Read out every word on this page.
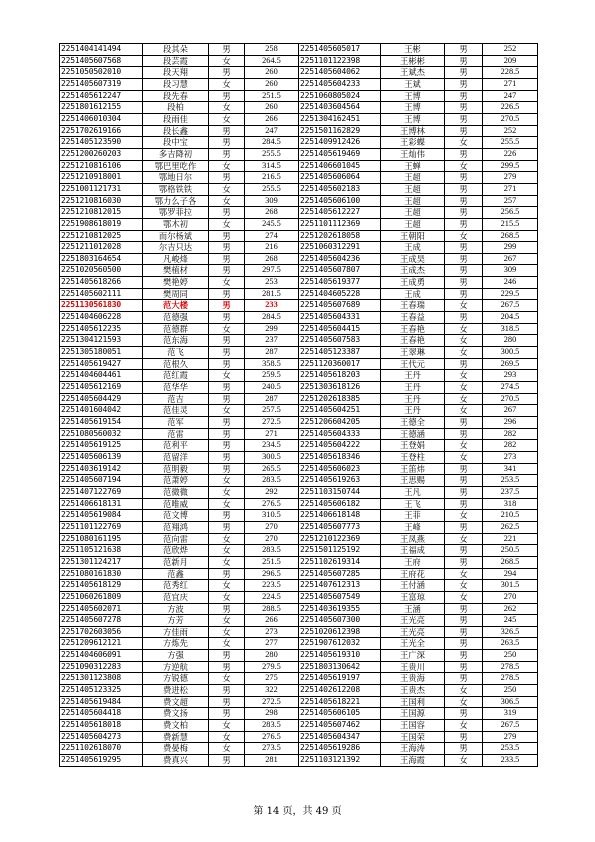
2251404141494	段其朵	男	258
2251405607568	段芸霞	女	264.5
2251050502010	段天翔	男	260
2251405607319	段习慧	女	260
2251405612247	段先春	男	251.5
2251801612155	段柏	女	260
2251406010304	段雨佳	女	266
2251702619166	段长鑫	男	247
2251405123590	段中宝	男	284.5
2251200260203	多吉降初	男	255.5
2251210816106	鄂巴里吃作	女	314.5
2251210918001	鄂地日尔	男	216.5
2251001121731	鄂格铁铁	女	255.5
2251210816030	鄂力么子各	女	309
2251210812015	鄂罗菲拉	男	268
2251908618019	鄂木初	女	245.5
2251210812025	而尔杨斌	男	274
2251211012028	尔吉只达	男	216
2251803164654	凡峻烽	男	268
2251020560500	樊植材	男	297.5
2251405618266	樊艳婷	女	253
2251405602111	樊周同	男	281.5
2251130561830	范大楼	男	233
2251404606228	范德强	男	284.5
2251405612235	范德群	女	299
2251304121593	范东海	男	237
2251305180051	范飞	男	287
2251405619427	范根久	男	358.5
2251404604461	范红霞	女	259.5
2251405612169	范华华	男	240.5
2251405604429	范吉	男	287
2251401604042	范佳灵	女	257.5
2251405619154	范军	男	272.5
2251080560032	范雷	男	271
2251405619125	范利平	男	234.5
2251405606139	范留洋	男	300.5
2251403619142	范明毅	男	265.5
2251405607194	范萧婷	女	283.5
2251407122769	范微微	女	292
2251406618131	范唯威	女	276.5
2251405619084	范文博	男	310.5
2251101122769	范翔鸿	男	270
2251080161195	范向雷	女	270
2251105121638	范欣烨	女	283.5
2251301124217	范新月	女	251.5
2251080161830	范鑫	男	296.5
2251405618129	范秀红	女	223.5
2251060261809	范宜庆	女	224.5
2251405602071	方波	男	288.5
2251405607278	方芳	女	266
2251702603056	方佳雨	女	273
2251209612121	方炼先	女	277
2251404606091	方强	男	280
2251090312283	方逆航	男	279.5
2251301123808	方锐德	女	275
2251405123325	费进松	男	322
2251405619484	费文超	男	272.5
2251405604418	费文扬	男	298
2251405618018	费文柏	女	283.5
2251405604273	费新慧	女	276.5
2251102618070	费晏梅	女	273.5
2251405619295	费真兴	男	281
2251405605017	王彬	男	252
2251101122398	王彬彬	男	209
2251405604062	王斌杰	男	228.5
2251405604233	王斌	男	271
2251060805024	王博	男	247
2251403604564	王博	男	226.5
2251304162451	王博	男	270.5
2251501162829	王博林	男	252
2251409912426	王彩蝶	女	255.5
2251405619469	王灿伟	男	226
2251406601045	王蝉	女	299.5
2251405606064	王超	男	279
2251405602183	王超	男	271
2251405606100	王超	男	257
2251405612227	王超	男	256.5
2251101112369	王超	男	215.5
2251202618058	王朝阳	女	268.5
2251060312291	王成	男	299
2251405604236	王成昊	男	267
2251405607807	王成杰	男	309
2251405619377	王成勇	男	246
2251404605228	王成	男	229.5
2251405607689	王春瑞	女	267.5
2251405604331	王春益	男	204.5
2251405604415	王春艳	女	318.5
2251405607583	王春艳	女	280
2251405123387	王翠琳	女	300.5
2251120360017	王代元	男	269.5
2251405618203	王丹	女	293
2251303618126	王丹	女	274.5
2251202618385	王丹	女	270.5
2251405604251	王丹	女	267
2251206604205	王德全	男	296
2251405604333	王德涵	男	282
2251405604222	王登娟	女	282
2251405618346	王登柱	女	273
2251405606023	王笛炜	男	341
2251405619263	王思赐	男	253.5
2251103150744	王凡	男	237.5
2251405606182	王飞	男	318
2251406618148	王菲	女	210.5
2251405607773	王峰	男	262.5
2251210122369	王凤燕	女	221
2251501125192	王福成	男	250.5
2251102619314	王府	男	268.5
2251405607285	王府花	女	294
2251407612313	王付涵	女	301.5
2251405607549	王富琼	女	270
2251403619355	王涵	男	262
2251405607300	王光亮	男	245
2251020612398	王光亮	男	326.5
2251907612032	王光全	男	263.5
2251405619310	王广深	男	250
2251803130642	王贵川	男	278.5
2251405619197	王贵海	男	278.5
2251402612208	王贵杰	女	250
2251405618221	王国利	女	306.5
2251405606105	王国源	男	319
2251405607462	王国容	女	267.5
2251405604347	王国荣	男	279
2251405619286	王海涛	男	253.5
2251103121392	王海霞	女	233.5
第 14 页，共 49 页
